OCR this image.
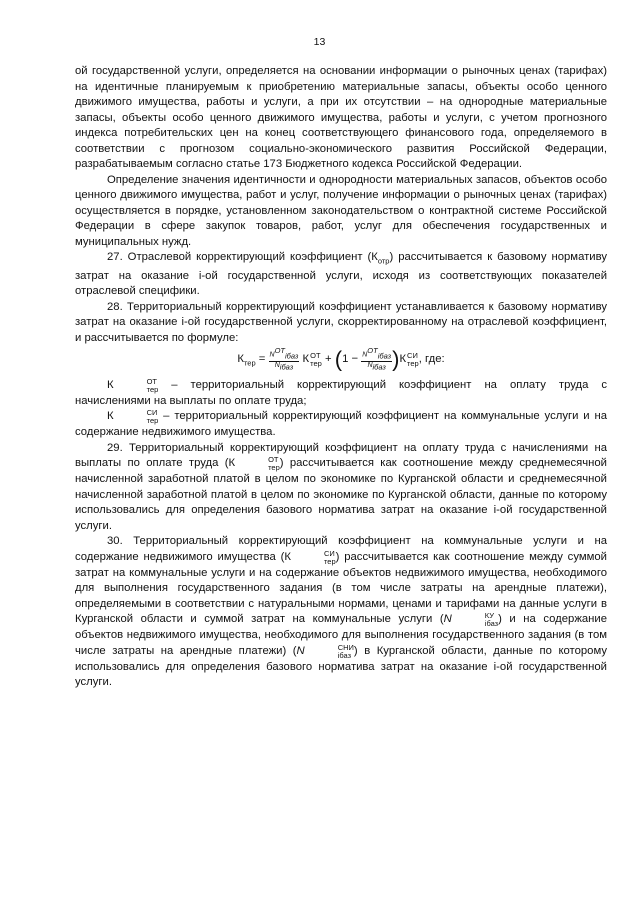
13

ой государственной услуги, определяется на основании информации о рыночных ценах (тарифах) на идентичные планируемым к приобретению материальные запасы, объекты особо ценного движимого имущества, работы и услуги, а при их отсутствии – на однородные материальные запасы, объекты особо ценного движимого имущества, работы и услуги, с учетом прогнозного индекса потребительских цен на конец соответствующего финансового года, определяемого в соответствии с прогнозом социально-экономического развития Российской Федерации, разрабатываемым согласно статье 173 Бюджетного кодекса Российской Федерации.

Определение значения идентичности и однородности материальных запасов, объектов особо ценного движимого имущества, работ и услуг, получение информации о рыночных ценах (тарифах) осуществляется в порядке, установленном законодательством о контрактной системе Российской Федерации в сфере закупок товаров, работ, услуг для обеспечения государственных и муниципальных нужд.

27. Отраслевой корректирующий коэффициент $(К_{отр})$ рассчитывается к базовому нормативу затрат на оказание i-ой государственной услуги, исходя из соответствующих показателей отраслевой специфики.

28. Территориальный корректирующий коэффициент устанавливается к базовому нормативу затрат на оказание i-ой государственной услуги, скорректированному на отраслевой коэффициент, и рассчитывается по формуле:

$К_{тер} = \frac{N^{ОТ}_{iбаз}}{N_{iбаз}}$ К ОТ
тер + $(1 - \frac{N^{ОТ}_{iбаз}}{N_{iбаз}} )К$ СИ
тер , где:

К	ОТ
тер – территориальный корректирующий коэффициент на оплату труда с начислениями на выплаты по оплате труда;

К	СИ
тер – территориальный корректирующий коэффициент на коммунальные услуги и на содержание недвижимого имущества.

29. Территориальный корректирующий коэффициент на оплату труда с начислениями на выплаты по оплате труда (К	ОТ
тер ) рассчитывается как соотношение между среднемесячной начисленной заработной платой в целом по экономике по Курганской области и среднемесячной начисленной заработной платой в целом по экономике по Курганской области, данные по которому использовались для определения базового норматива затрат на оказание i-ой государственной услуги.

30. Территориальный корректирующий коэффициент на коммунальные услуги и на содержание недвижимого имущества (К	СИ
тер ) рассчитывается как соотношение между суммой затрат на коммунальные услуги и на содержание объектов недвижимого имущества, необходимого для выполнения государственного задания (в том числе затраты на арендные платежи), определяемыми в соответствии с натуральными нормами, ценами и тарифами на данные услуги в Курганской области и суммой затрат на коммунальные услуги (N	КУ
iбаз ) и на содержание объектов недвижимого имущества, необходимого для выполнения государственного задания (в том числе затраты на арендные платежи) (N	СНИ
iбаз ) в Курганской области, данные по которому использовались для определения базового норматива затрат на оказание i-ой государственной услуги.
